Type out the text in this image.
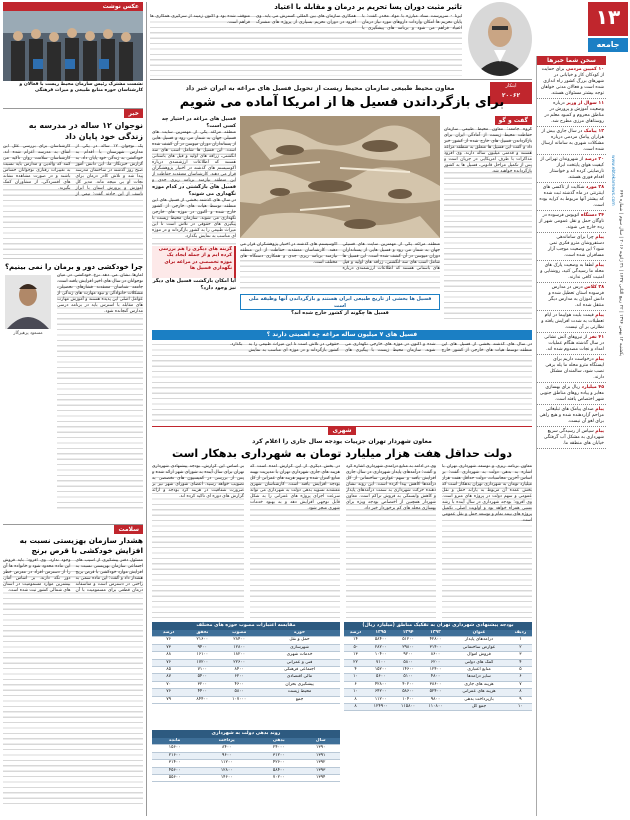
۱۳
جامعه
یکشنبه ۱۲ بهمن ۱۳۹۴ | ۲۲ ربیع الثانی ۱۴۳۷ | ۳۱ ژانویه ۲۰۱۶ | سال سوم | شماره ۴۴۹
www.ebtekarnews.com
سخن شما خبرها
۱۰ کمپین مردمی برای حمایت از کودکان کار و خیابانی در شهرهای بزرگ کشور راه اندازی شده است و فعالان مدنی خواهان توجه بیشتر مسئولان هستند.
۱۱ سوال از وزیر درباره وضعیت آموزش و پرورش در مناطق محروم و کمبود معلم در روستاهای مرزی مطرح شد.
۱۲ پیامک در سال جاری بیش از هزاران پیامک مردمی درباره مشکلات شهری به سامانه ارسال شده است.
۲۰ درصد از شهروندان تهرانی از کیفیت هوای پایتخت ابراز نارضایتی کرده اند و خواستار اقدام فوری هستند.
۲۸ مورد شکایت از تاکسی های اینترنتی در ماه گذشته ثبت شده که بیشتر آنها مربوط به کرایه بوده است.
۳۴ دستگاه اتوبوس فرسوده در ناوگان حمل و نقل عمومی شهر از رده خارج می شوند.
پیام چرا برای ساماندهی دستفروشان مترو فکری نمی شود؟ این وضعیت موجب آزار مسافران شده است.
پیام لطفا به وضعیت پارک های محله ما رسیدگی کنید، روشنایی و امنیت کافی ندارند.
۳۸ کلاس درس در مدارس فرسوده استان تعطیل شده و دانش آموزان به مدارس دیگر منتقل شده اند.
پیام قیمت بلیت هواپیما در ایام تعطیلات به شدت افزایش یافته و نظارتی بر آن نیست.
۴۱ نفر از نیروهای آتش نشانی در سال گذشته هنگام عملیات امداد و نجات مصدوم شده اند.
پیام درخواست داریم برای ایستگاه مترو محله ما پله برقی نصب شود، سالمندان مشکل دارند.
۴۵ میلیارد ریال برای بهسازی معابر و پیاده روهای مناطق جنوبی شهر اختصاص یافته است.
پیام صدای پیامک های تبلیغاتی مزاحم آزاردهنده شده و هیچ راهی برای لغو آن نیست.
پیام سپاس از رسیدگی سریع شهرداری به مشکل آب گرفتگی خیابان های منطقه ما.
تاثیر مثبت دوران پسا تحریم بر درمان و مقابله با اعتیاد
ایرنا - سرپرست ستاد مبارزه با مواد مخدر گفت: با پایان تحریم ها امکان واردات داروهای مورد نیاز درمان اعتیاد فراهم می شود و برنامه های پیشگیری با همکاری سازمان های بین المللی گسترش می یابد. وی افزود در دوران تحریم بسیاری از پروژه های مشترک متوقف شده بود و اکنون زمینه از سرگیری همکاری ها فراهم است.
ابتکار
۲۰۰۶۲
عکس نوشت
نشست مشترک رئیس سازمان محیط زیست با فعالان و کارشناسان حوزه منابع طبیعی و میراث فرهنگی
خبر
نوجوان ۱۲ ساله در مدرسه به زندگی خود پایان داد
یک نوجوان ۱۲ ساله در یکی از مدارس شهرستان با اقدام به خودکشی به زندگی خود پایان داد. به گزارش خبرنگار ما، این دانش آموز صبح روز گذشته در ساختمان مدرسه پیدا شد و تلاش کادر درمان برای نجات او بی نتیجه ماند. مدیر کل آموزش و پرورش استان با ابراز تاسف از این حادثه گفت: تیمی از کارشناسان برای بررسی علل این اتفاق به مدرسه اعزام شده اند. کارشناسان سلامت روان تاکید می کنند که والدین و مدارس باید نسبت به تغییرات رفتاری نوجوانان حساس باشند و در صورت مشاهده نشانه های افسردگی، از مشاوران کمک بگیرند.
چرا خودکشی دور و برمان را نمی بینیم؟
مسعود پرهیزگار
آمارها نشان می دهد نرخ خودکشی در میان نوجوانان در سال های اخیر افزایش یافته است. جامعه شناسان معتقدند فشارهای تحصیلی، مشکلات خانوادگی و نبود مهارت های زندگی از عوامل اصلی این پدیده هستند و آموزش مهارت های مقابله با استرس باید در برنامه درسی مدارس گنجانده شود.
معاون محیط طبیعی سازمان محیط زیست از تحویل فسیل های مراغه به ایران خبر داد
برای بازگرداندن فسیل ها از امریکا آماده می شویم
گفت و گو
گروه جامعه: معاون محیط طبیعی سازمان حفاظت محیط زیست از آمادگی ایران برای بازگرداندن فسیل های خارج شده از کشور خبر داد و گفت این فسیل ها متعلق به منطقه مراغه هستند و قدمتی میلیون ساله دارند. وی افزود مذاکرات با طرف امریکایی در جریان است و پس از تکمیل مراحل قانونی، فسیل ها به کشور بازگردانده خواهند شد.
فسیل های مراغه در اختیار چه کسی است؟
منطقه مراغه یکی از مهمترین سایت های فسیلی جهان به شمار می رود و فسیل هایی از پستانداران دوران میوسن در آن کشف شده است. این فسیل ها شامل اسب های سه انگشتی، زرافه های اولیه و فیل های باستانی هستند که اطلاعات ارزشمندی درباره اکوسیستم های گذشته در اختیار پژوهشگران قرار می دهند. کارشناسان معتقدند حفاظت از این منطقه نیازمند برنامه ریزی جدی و
فسیل های بازگشتی در کدام موزه نگهداری می شوند؟
در سال های گذشته بخشی از فسیل های این منطقه توسط هیات های خارجی از کشور خارج شده و اکنون در موزه های خارجی نگهداری می شوند. سازمان محیط زیست با پیگیری های حقوقی در تلاش است تا این میراث طبیعی را به کشور بازگرداند و در موزه ای مناسب به نمایش بگذارد.
گزینه های دیگری را هم بررسی کرده ایم و از جمله ایجاد یک موزه تخصصی در مراغه برای نگهداری فسیل ها
آیا امکان بازگشت فسیل های دیگر نیز وجود دارد؟
منطقه مراغه یکی از مهمترین سایت های فسیلی جهان به شمار می رود و فسیل هایی از پستانداران دوران میوسن در آن کشف شده است. این فسیل ها شامل اسب های سه انگشتی، زرافه های اولیه و فیل های باستانی هستند که اطلاعات ارزشمندی درباره اکوسیستم های گذشته در اختیار پژوهشگران قرار می دهند. کارشناسان معتقدند حفاظت از این منطقه نیازمند برنامه ریزی جدی و همکاری دستگاه های مختلف است.
فسیل ها بخشی از تاریخ طبیعی ایران هستند و بازگرداندن آنها وظیفه ملی است
فسیل ها چگونه از کشور خارج شده اند؟
فسیل های ۷ میلیون ساله مراغه چه اهمیتی دارند ؟
در سال های گذشته بخشی از فسیل های این منطقه توسط هیات های خارجی از کشور خارج شده و اکنون در موزه های خارجی نگهداری می شوند. سازمان محیط زیست با پیگیری های حقوقی در تلاش است تا این میراث طبیعی را به کشور بازگرداند و در موزه ای مناسب به نمایش بگذارد.
سلامت
هشدار سازمان بهزیستی نسبت به افزایش خودکشی با قرص برنج
مسئول دفتر پیشگیری از آسیب های اجتماعی سازمان بهزیستی نسبت به افزایش موارد خودکشی با قرص برنج هشدار داد و گفت: این ماده سمی به راحتی در دسترس است و متاسفانه درمان قطعی برای مسمومیت با آن وجود ندارد. وی افزود: باید فروش این ماده محدود شود و خانواده ها آن را از دسترس افراد در معرض خطر دور نگه دارند. بر اساس آمار، بیشترین موارد مسمومیت در استان های شمالی کشور ثبت شده است.
شهری
معاون شهردار تهران جزییات بودجه سال جاری را اعلام کرد
دولت حداقل هفت هزار میلیارد تومان به شهرداری بدهکار است
معاون برنامه ریزی و توسعه شهرداری تهران با اشاره به بدهی دولت به شهرداری گفت: بر اساس آخرین محاسبات، دولت حداقل هفت هزار میلیارد تومان به شهرداری تهران بدهکار است که بخش عمده آن مربوط به یارانه حمل و نقل عمومی و سهم دولت در پروژه های مترو است. وی افزود: بودجه شهرداری در سال آینده با رشد نسبی همراه خواهد بود و اولویت اصلی، تکمیل پروژه های نیمه تمام و توسعه حمل و نقل عمومی است.
وی در ادامه به منابع درآمدی شهرداری اشاره کرد و گفت: درآمدهای پایدار شهرداری در سال جاری افزایش یافته و سهم عوارض ساختمانی از کل درآمدها کاهش پیدا کرده است. این روند نشان دهنده حرکت شهرداری به سمت درآمدهای پایدار و کاهش وابستگی به فروش تراکم است. معاون شهردار همچنین از اختصاص بودجه ویژه برای بهسازی محله های کم برخوردار خبر داد.
در بخش دیگری از این گزارش آمده است که هزینه های جاری شهرداری تهران با مدیریت بهینه منابع کنترل شده و سهم هزینه های عمرانی از کل بودجه افزایش یافته است. کارشناسان شهری معتقدند تسویه بدهی دولت به شهرداری می تواند سرعت اجرای پروژه های عمرانی را به شکل قابل توجهی افزایش دهد و به بهبود خدمات شهری منجر شود.
بر اساس این گزارش، بودجه پیشنهادی شهرداری تهران برای سال آینده به شورای شهر ارائه شده و پس از بررسی در کمیسیون های تخصصی به تصویب خواهد رسید. اعضای شورای شهر نیز بر ضرورت شفافیت در هزینه کرد بودجه و ارائه گزارش های دوره ای تاکید کرده اند.
بودجه پیشنهادی شهرداری تهران به تفکیک مناطق (میلیارد ریال)
ردیف	عنوان	۱۳۹۳	۱۳۹۴	۱۳۹۵	درصد
۱	درآمدهای پایدار	۴۲۸۰۰	۵۱۲۰۰	۵۸۴۰۰	۱۴
۲	عوارض ساختمانی	۳۱۴۰۰	۲۹۸۰۰	۲۸۲۰۰	-۵
۳	فروش اموال	۸۶۰۰	۹۲۰۰	۱۰۴۰۰	۱۳
۴	کمک های دولتی	۶۲۰۰	۵۸۰۰	۷۱۰۰	۲۲
۵	منابع اعتباری	۱۲۴۰۰	۱۴۶۰۰	۱۵۲۰۰	۴
۶	سایر درآمدها	۴۸۰۰	۵۱۰۰	۵۶۰۰	۱۰
۷	هزینه های جاری	۳۸۶۰۰	۴۰۲۰۰	۴۲۸۰۰	۶
۸	هزینه های عمرانی	۵۲۴۰۰	۵۸۶۰۰	۶۴۲۰۰	۱۰
۹	بازپرداخت بدهی	۹۸۰۰	۱۰۴۰۰	۱۱۲۰۰	۸
۱۰	جمع کل	۱۱۰۸۰۰	۱۱۵۸۰۰	۱۲۴۹۰۰	۸
مقایسه اعتبارات مصوب حوزه های مختلف
حوزه	مصوب	تحقق	درصد
حمل و نقل	۲۸۴۰۰	۲۱۶۰۰	۷۶
شهرسازی	۱۲۸۰۰	۹۴۰۰	۷۳
خدمات شهری	۱۸۲۰۰	۱۶۱۰۰	۸۸
فنی و عمرانی	۲۲۶۰۰	۱۷۲۰۰	۷۶
اجتماعی فرهنگی	۸۴۰۰	۷۱۰۰	۸۵
مالی اقتصادی	۶۲۰۰	۵۴۰۰	۸۷
پیشگیری بحران	۴۶۰۰	۳۲۰۰	۷۰
محیط زیست	۵۸۰۰	۴۴۰۰	۷۶
جمع	۱۰۷۰۰۰	۸۴۴۰۰	۷۹
روند بدهی دولت به شهرداری
سال	بدهی	پرداخت	مانده
۱۳۹۰	۲۴۰۰۰	۸۴۰۰	۱۵۶۰۰
۱۳۹۱	۳۱۲۰۰	۹۶۰۰	۲۱۶۰۰
۱۳۹۲	۴۲۶۰۰	۱۱۲۰۰	۳۱۴۰۰
۱۳۹۳	۵۸۴۰۰	۱۲۸۰۰	۴۵۶۰۰
۱۳۹۴	۷۰۲۰۰	۱۴۶۰۰	۵۵۶۰۰
